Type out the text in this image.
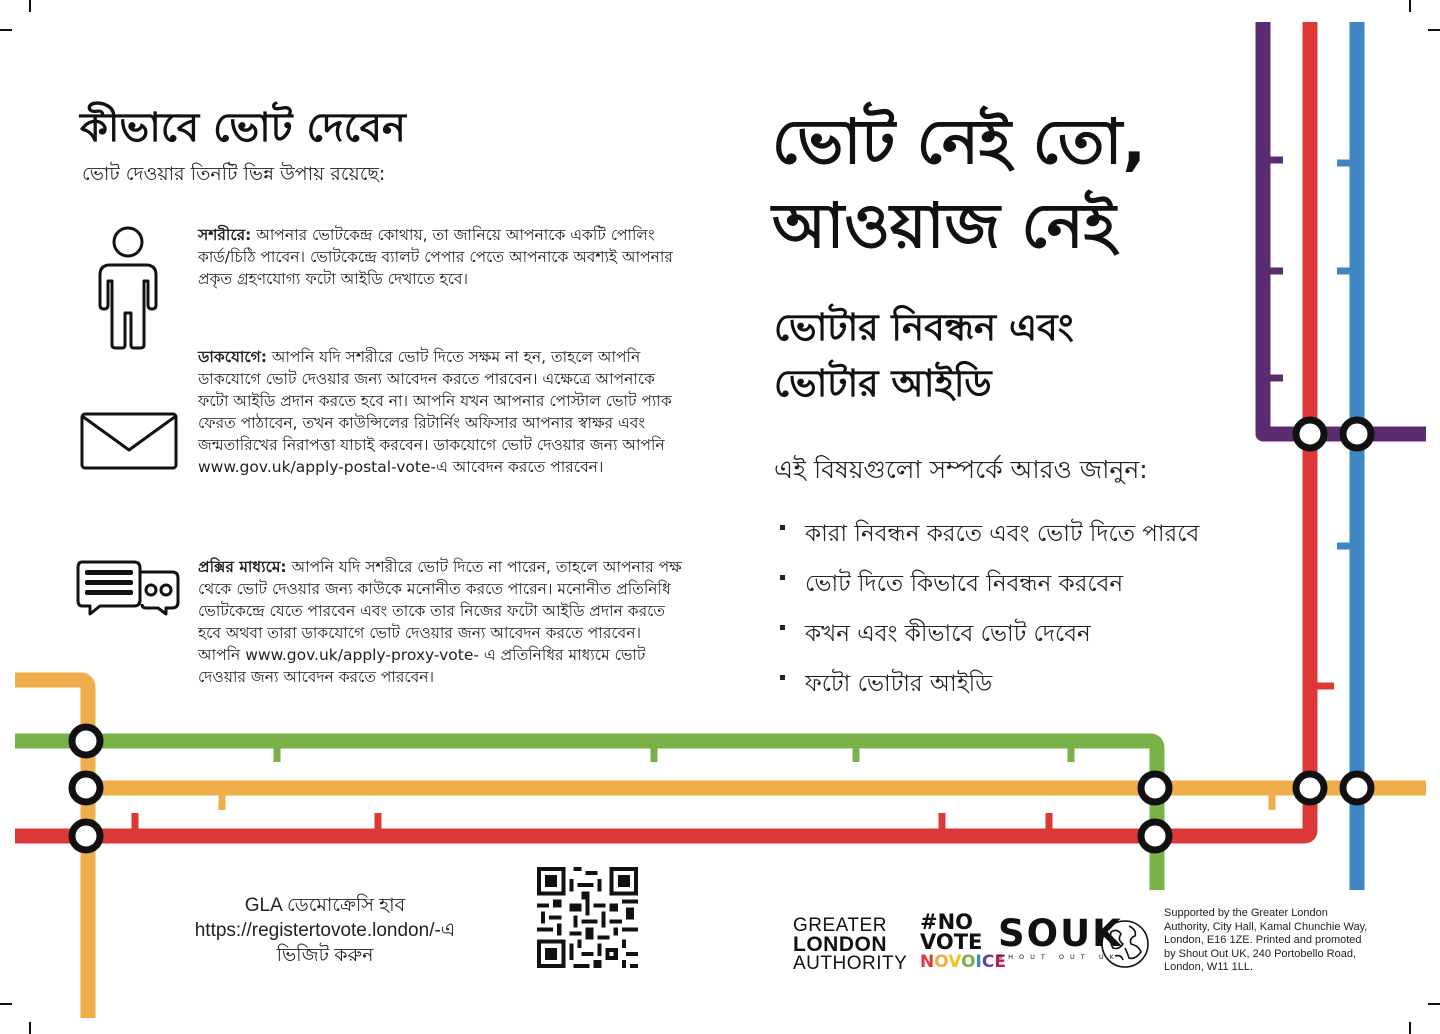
কীভাবে ভোট দেবেন

ভোট দেওয়ার তিনটি ভিন্ন উপায় রয়েছে:

সশরীরে: আপনার ভোটকেন্দ্র কোথায়, তা জানিয়ে আপনাকে একটি পোলিং কার্ড/চিঠি পাবেন। ভোটকেন্দ্রে ব্যালট পেপার পেতে আপনাকে অবশ্যই আপনার প্রকৃত গ্রহণযোগ্য ফটো আইডি দেখাতে হবে।
ডাকযোগে: আপনি যদি সশরীরে ভোট দিতে সক্ষম না হন, তাহলে আপনি ডাকযোগে ভোট দেওয়ার জন্য আবেদন করতে পারবেন। এক্ষেত্রে আপনাকে ফটো আইডি প্রদান করতে হবে না। আপনি যখন আপনার পোস্টাল ভোট প্যাক ফেরত পাঠাবেন, তখন কাউন্সিলের রিটার্নিং অফিসার আপনার স্বাক্ষর এবং জন্মতারিখের নিরাপত্তা যাচাই করবেন। ডাকযোগে ভোট দেওয়ার জন্য আপনি www.gov.uk/apply-postal-vote-এ আবেদন করতে পারবেন।
প্রক্সির মাধ্যমে: আপনি যদি সশরীরে ভোট দিতে না পারেন, তাহলে আপনার পক্ষ থেকে ভোট দেওয়ার জন্য কাউকে মনোনীত করতে পারেন। মনোনীত প্রতিনিধি ভোটকেন্দ্রে যেতে পারবেন এবং তাকে তার নিজের ফটো আইডি প্রদান করতে হবে অথবা তারা ডাকযোগে ভোট দেওয়ার জন্য আবেদন করতে পারবেন। আপনি www.gov.uk/apply-proxy-vote- এ প্রতিনিধির মাধ্যমে ভোট দেওয়ার জন্য আবেদন করতে পারবেন।
ভোট নেই তো,
আওয়াজ নেই
ভোটার নিবন্ধন এবং
ভোটার আইডি

এই বিষয়গুলো সম্পর্কে আরও জানুন:

কারা নিবন্ধন করতে এবং ভোট দিতে পারবে
ভোট দিতে কিভাবে নিবন্ধন করবেন
কখন এবং কীভাবে ভোট দেবেন
ফটো ভোটার আইডি
GLA ডেমোক্রেসি হাব
https://registertovote.london/-এ
ভিজিট করুন
GREATER
LONDON
AUTHORITY
#NO
VOTE
NOVOICE
SOUK
SHOUT OUT UK
Supported by the Greater London Authority, City Hall, Kamal Chunchie Way, London, E16 1ZE. Printed and promoted by Shout Out UK, 240 Portobello Road, London, W11 1LL.
